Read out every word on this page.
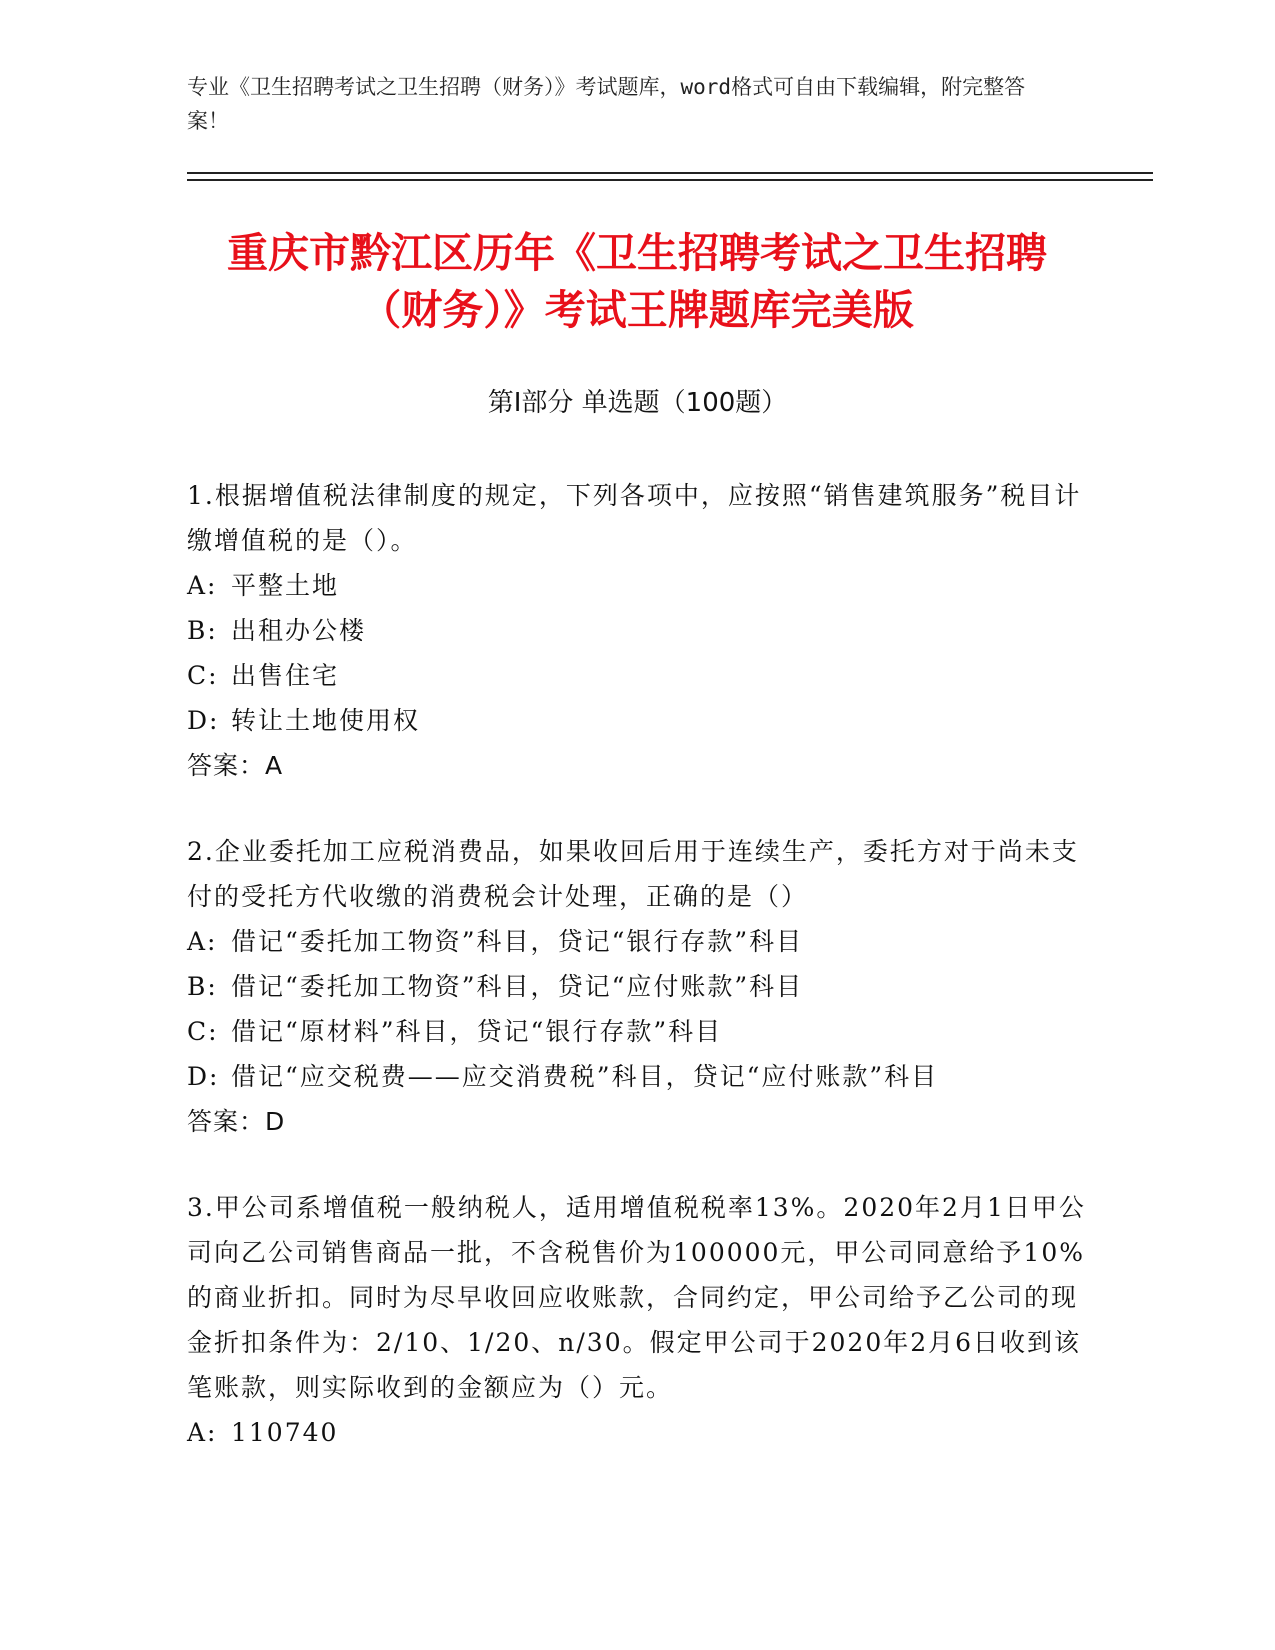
专业《卫生招聘考试之卫生招聘（财务）》考试题库，word格式可自由下载编辑，附完整答案！
重庆市黔江区历年《卫生招聘考试之卫生招聘（财务）》考试王牌题库完美版
第Ⅰ部分 单选题（100题）
1.根据增值税法律制度的规定，下列各项中，应按照“销售建筑服务”税目计缴增值税的是（）。
A: 平整土地
B: 出租办公楼
C: 出售住宅
D: 转让土地使用权
答案：A
2.企业委托加工应税消费品，如果收回后用于连续生产，委托方对于尚未支付的受托方代收缴的消费税会计处理，正确的是（）
A: 借记“委托加工物资”科目，贷记“银行存款”科目
B: 借记“委托加工物资”科目，贷记“应付账款”科目
C: 借记“原材料”科目，贷记“银行存款”科目
D: 借记“应交税费——应交消费税”科目，贷记“应付账款”科目
答案：D
3.甲公司系增值税一般纳税人，适用增值税税率13%。2020年2月1日甲公司向乙公司销售商品一批，不含税售价为100000元，甲公司同意给予10%的商业折扣。同时为尽早收回应收账款，合同约定，甲公司给予乙公司的现金折扣条件为：2/10、1/20、n/30。假定甲公司于2020年2月6日收到该笔账款，则实际收到的金额应为（）元。
A: 110740
